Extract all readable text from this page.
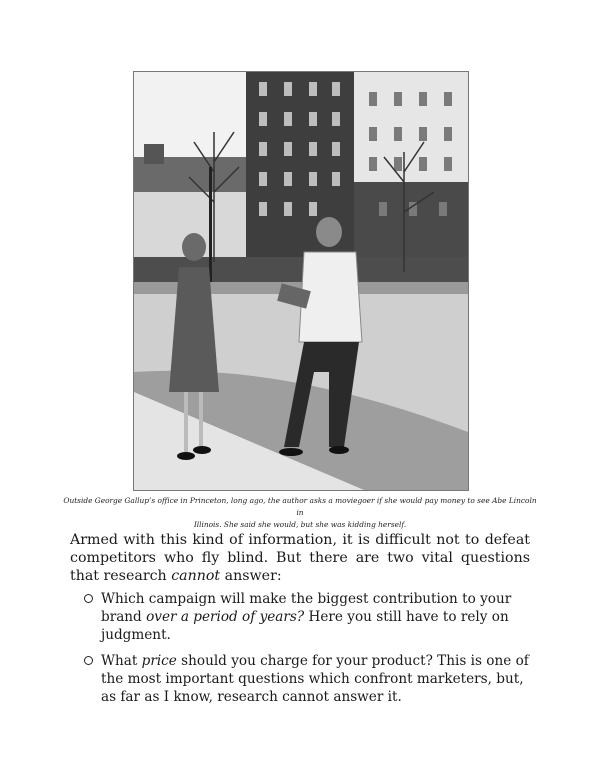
Outside George Gallup’s office in Princeton, long ago, the author asks a moviegoer if she would pay money to see Abe Lincoln in
Illinois. She said she would, but she was kidding herself.
Armed with this kind of information, it is difficult not to defeat competitors who fly blind. But there are two vital questions that research cannot answer:
Which campaign will make the biggest contribution to your brand over a period of years? Here you still have to rely on judgment.
What price should you charge for your product? This is one of the most important questions which confront marketers, but, as far as I know, research cannot answer it.
